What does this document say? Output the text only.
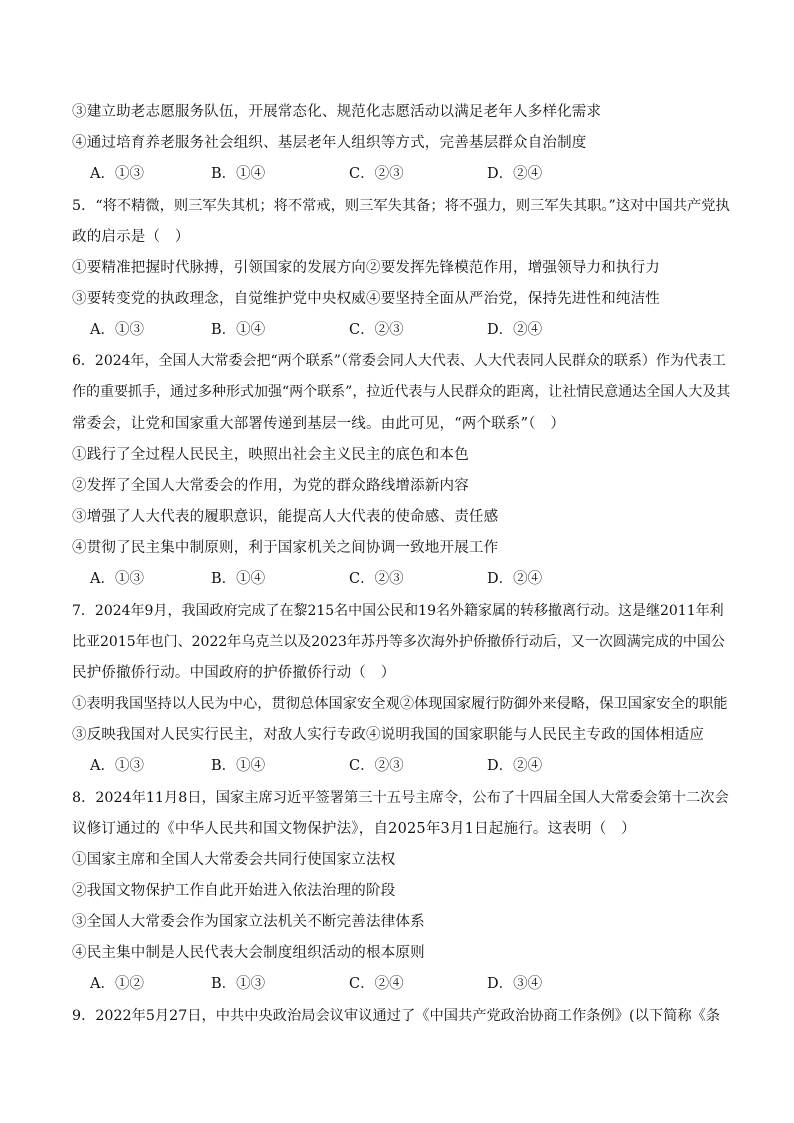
③建立助老志愿服务队伍，开展常态化、规范化志愿活动以满足老年人多样化需求
④通过培育养老服务社会组织、基层老年人组织等方式，完善基层群众自治制度
A．①③	B．①④	C．②③	D．②④
5．“将不精微，则三军失其机；将不常戒，则三军失其备；将不强力，则三军失其职。”这对中国共产党执
政的启示是（　）
①要精准把握时代脉搏，引领国家的发展方向②要发挥先锋模范作用，增强领导力和执行力
③要转变党的执政理念，自觉维护党中央权威④要坚持全面从严治党，保持先进性和纯洁性
A．①③	B．①④	C．②③	D．②④
6．2024年，全国人大常委会把“两个联系”（常委会同人大代表、人大代表同人民群众的联系）作为代表工
作的重要抓手，通过多种形式加强“两个联系”，拉近代表与人民群众的距离，让社情民意通达全国人大及其
常委会，让党和国家重大部署传递到基层一线。由此可见，“两个联系”（　）
①践行了全过程人民民主，映照出社会主义民主的底色和本色
②发挥了全国人大常委会的作用，为党的群众路线增添新内容
③增强了人大代表的履职意识，能提高人大代表的使命感、责任感
④贯彻了民主集中制原则，利于国家机关之间协调一致地开展工作
A．①③	B．①④	C．②③	D．②④
7．2024年9月，我国政府完成了在黎215名中国公民和19名外籍家属的转移撤离行动。这是继2011年利
比亚2015年也门、2022年乌克兰以及2023年苏丹等多次海外护侨撤侨行动后，又一次圆满完成的中国公
民护侨撤侨行动。中国政府的护侨撤侨行动（　）
①表明我国坚持以人民为中心，贯彻总体国家安全观②体现国家履行防御外来侵略，保卫国家安全的职能
③反映我国对人民实行民主，对敌人实行专政④说明我国的国家职能与人民民主专政的国体相适应
A．①③	B．①④	C．②③	D．②④
8．2024年11月8日，国家主席习近平签署第三十五号主席令，公布了十四届全国人大常委会第十二次会
议修订通过的《中华人民共和国文物保护法》，自2025年3月1日起施行。这表明（　）
①国家主席和全国人大常委会共同行使国家立法权
②我国文物保护工作自此开始进入依法治理的阶段
③全国人大常委会作为国家立法机关不断完善法律体系
④民主集中制是人民代表大会制度组织活动的根本原则
A．①②	B．①③	C．②④	D．③④
9．2022年5月27日，中共中央政治局会议审议通过了《中国共产党政治协商工作条例》(以下简称《条
